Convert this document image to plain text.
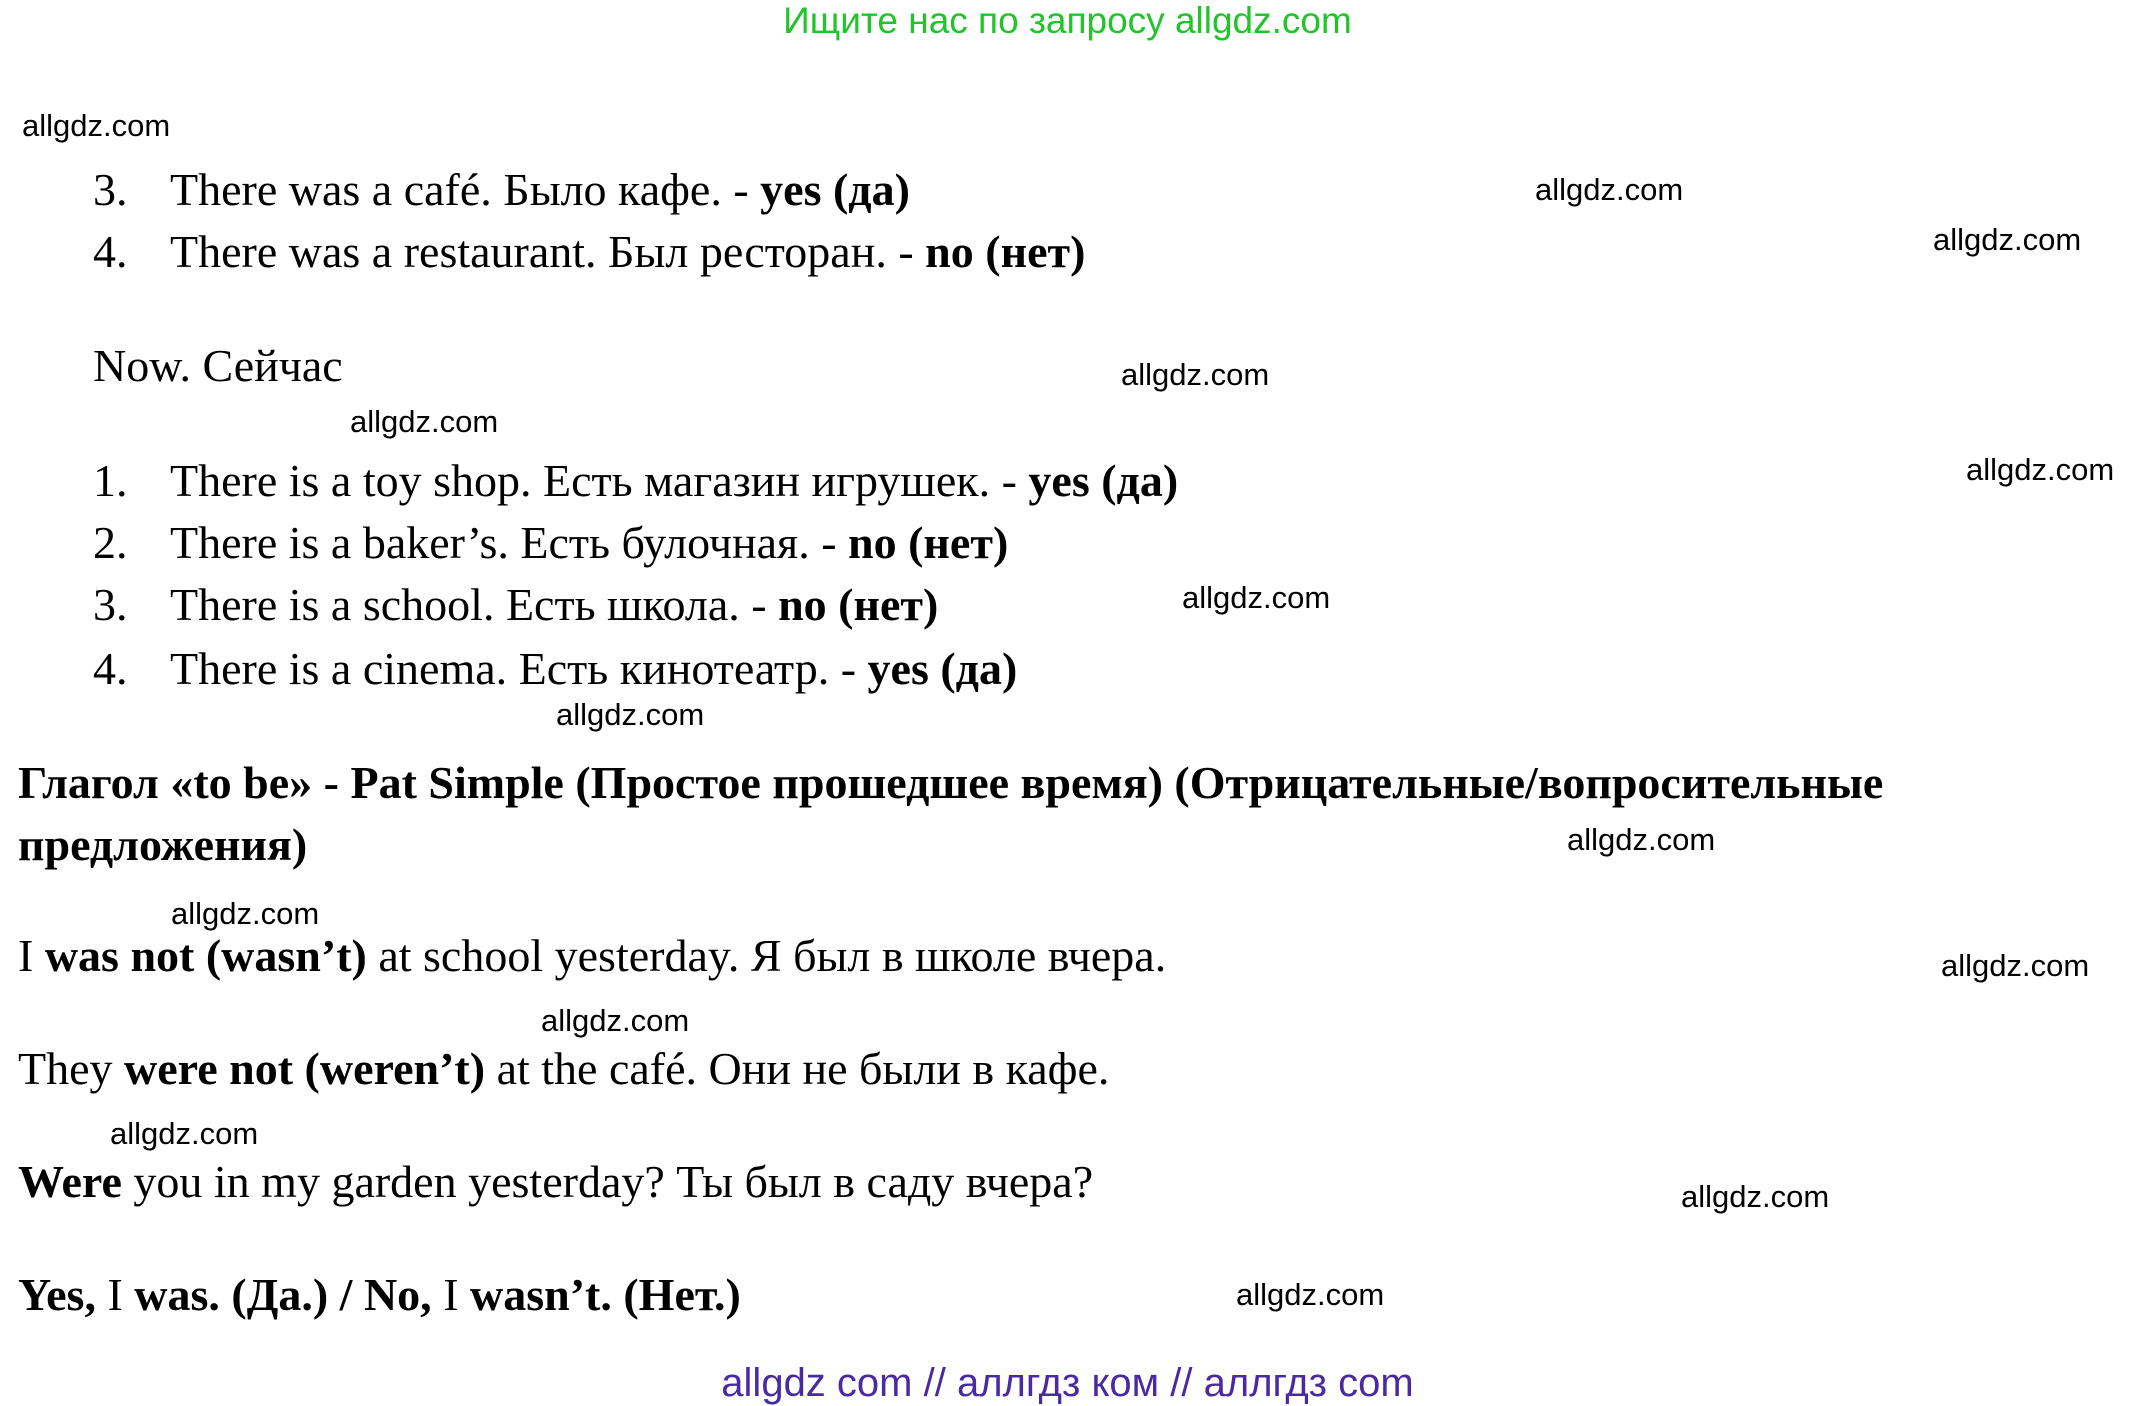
Ищите нас по запросу allgdz.com
allgdz.com
allgdz.com
allgdz.com
allgdz.com
allgdz.com
allgdz.com
allgdz.com
allgdz.com
allgdz.com
allgdz.com
allgdz.com
allgdz.com
allgdz.com
allgdz.com
allgdz.com
3. There was a café. Было кафе. - yes (да)
4. There was a restaurant. Был ресторан. - no (нет)
Now. Сейчас
1. There is a toy shop. Есть магазин игрушек. - yes (да)
2. There is a baker’s. Есть булочная. - no (нет)
3. There is a school. Есть школа. - no (нет)
4. There is a cinema. Есть кинотеатр. - yes (да)
Глагол «to be» - Pat Simple (Простое прошедшее время) (Отрицательные/вопросительные
предложения)
I was not (wasn’t) at school yesterday. Я был в школе вчера.
They were not (weren’t) at the café. Они не были в кафе.
Were you in my garden yesterday? Ты был в саду вчера?
Yes, I was. (Да.) / No, I wasn’t. (Нет.)
allgdz com // аллгдз ком // аллгдз com
